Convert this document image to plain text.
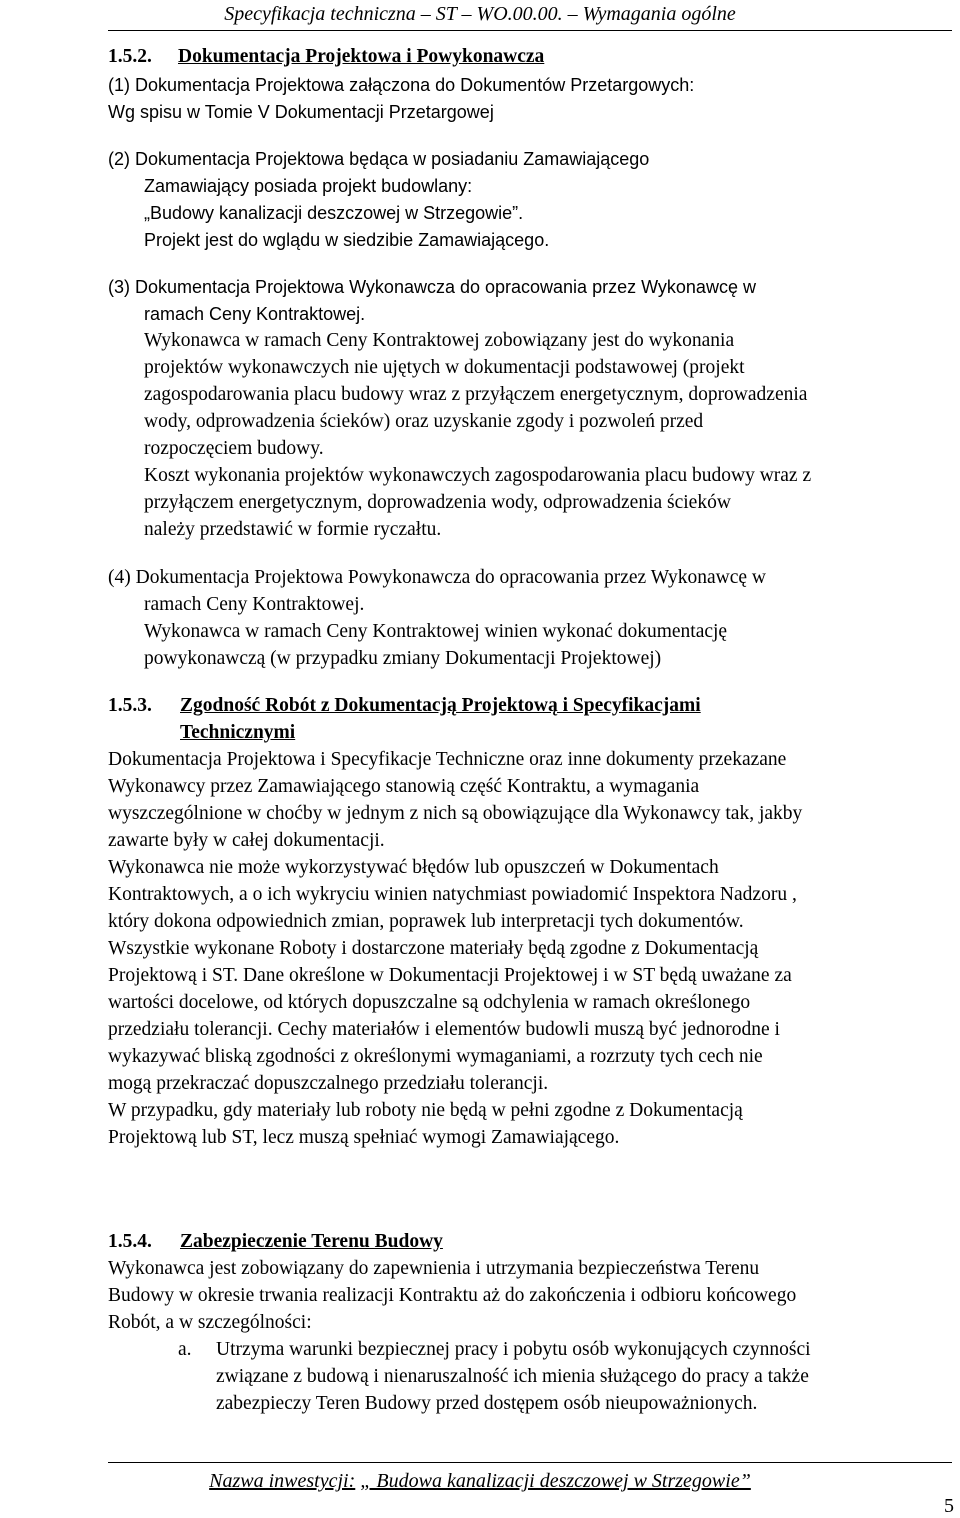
Specyfikacja techniczna – ST – WO.00.00. – Wymagania ogólne
1.5.2. Dokumentacja Projektowa i Powykonawcza
(1) Dokumentacja Projektowa załączona do Dokumentów Przetargowych:
Wg spisu w Tomie V Dokumentacji Przetargowej
(2) Dokumentacja Projektowa będąca w posiadaniu Zamawiającego
Zamawiający posiada projekt budowlany:
„Budowy kanalizacji deszczowej w Strzegowie”.
Projekt jest do wglądu w siedzibie Zamawiającego.
(3) Dokumentacja Projektowa Wykonawcza do opracowania przez Wykonawcę w
ramach Ceny Kontraktowej.
Wykonawca w ramach Ceny Kontraktowej zobowiązany jest do wykonania
projektów wykonawczych nie ujętych w dokumentacji podstawowej (projekt
zagospodarowania placu budowy wraz z przyłączem energetycznym, doprowadzenia
wody, odprowadzenia ścieków) oraz uzyskanie zgody i pozwoleń przed
rozpoczęciem budowy.
Koszt wykonania projektów wykonawczych zagospodarowania placu budowy wraz z
przyłączem energetycznym, doprowadzenia wody, odprowadzenia ścieków
należy przedstawić w formie ryczałtu.
(4) Dokumentacja Projektowa Powykonawcza do opracowania przez Wykonawcę w
ramach Ceny Kontraktowej.
Wykonawca w ramach Ceny Kontraktowej winien wykonać dokumentację
powykonawczą (w przypadku zmiany Dokumentacji Projektowej)
1.5.3. Zgodność Robót z Dokumentacją Projektową i Specyfikacjami
Technicznymi
Dokumentacja Projektowa i Specyfikacje Techniczne oraz inne dokumenty przekazane
Wykonawcy przez Zamawiającego stanowią część Kontraktu, a wymagania
wyszczególnione w choćby w jednym z nich są obowiązujące dla Wykonawcy tak, jakby
zawarte były w całej dokumentacji.
Wykonawca nie może wykorzystywać błędów lub opuszczeń w Dokumentach
Kontraktowych, a o ich wykryciu winien natychmiast powiadomić Inspektora Nadzoru ,
który dokona odpowiednich zmian, poprawek lub interpretacji tych dokumentów.
Wszystkie wykonane Roboty i dostarczone materiały będą zgodne z Dokumentacją
Projektową i ST. Dane określone w Dokumentacji Projektowej i w ST będą uważane za
wartości docelowe, od których dopuszczalne są odchylenia w ramach określonego
przedziału tolerancji. Cechy materiałów i elementów budowli muszą być jednorodne i
wykazywać bliską zgodności z określonymi wymaganiami, a rozrzuty tych cech nie
mogą przekraczać dopuszczalnego przedziału tolerancji.
W przypadku, gdy materiały lub roboty nie będą w pełni zgodne z Dokumentacją
Projektową lub ST, lecz muszą spełniać wymogi Zamawiającego.
1.5.4. Zabezpieczenie Terenu Budowy
Wykonawca jest zobowiązany do zapewnienia i utrzymania bezpieczeństwa Terenu
Budowy w okresie trwania realizacji Kontraktu aż do zakończenia i odbioru końcowego
Robót, a w szczególności:
a. Utrzyma warunki bezpiecznej pracy i pobytu osób wykonujących czynności
związane z budową i nienaruszalność ich mienia służącego do pracy a także
zabezpieczy Teren Budowy przed dostępem osób nieupoważnionych.
Nazwa inwestycji: „ Budowa kanalizacji deszczowej w Strzegowie”
5
